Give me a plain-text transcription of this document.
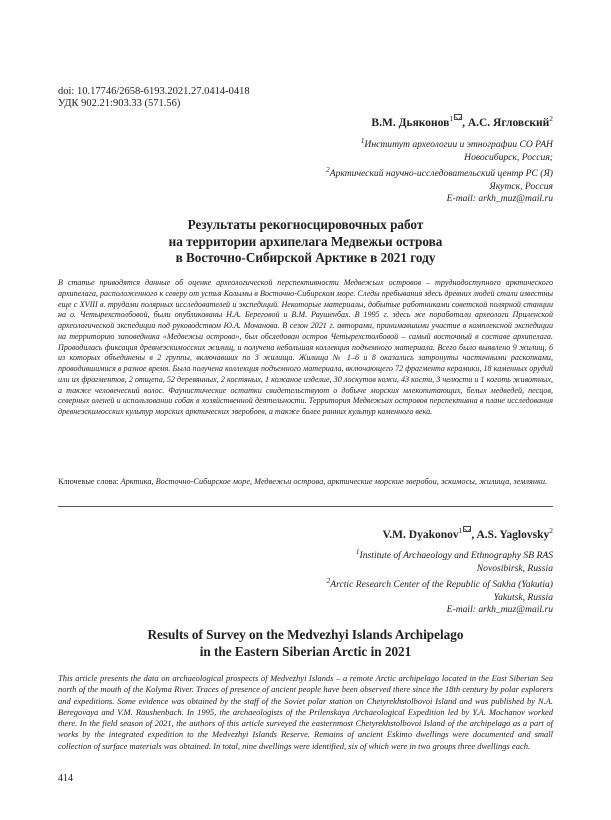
doi: 10.17746/2658-6193.2021.27.0414-0418
УДК 902.21:903.33 (571.56)
В.М. Дьяконов$^1$ , А.С. Ягловский$^2$
$^1$Институт археологии и этнографии СО РАН
Новосибирск, Россия;
$^2$Арктический научно-исследовательский центр РС (Я)
Якутск, Россия
E-mail: arkh_muz@mail.ru
Результаты рекогносцировочных работ
на территории архипелага Медвежьи острова
в Восточно-Сибирской Арктике в 2021 году
В статье приводятся данные об оценке археологической перспективности Медвежьих островов – труднодоступного арктического архипелага, расположенного к северу от устья Колымы в Восточно-Сибирском море. Следы пребывания здесь древних людей стали известны еще с XVIII в. трудами полярных исследователей и экспедиций. Некоторые материалы, добытые работниками советской полярной станции на о. Четырехстолбовой, были опубликованы Н.А. Береговой и В.М. Раушенбах. В 1995 г. здесь же поработали археологи Приленской археологической экспедиции под руководством Ю.А. Мочанова. В сезон 2021 г. авторами, принимавшими участие в комплексной экспедиции на территорию заповедника «Медвежьи острова», был обследован остров Четырехстолбовой – самый восточный в составе архипелага. Проводилась фиксация древнеэскимосских жилищ, и получена небольшая коллекция подъемного материала. Всего было выявлено 9 жилищ, 6 из которых объединены в 2 группы, включавших по 3 жилища. Жилища № 1–6 и 8 оказались затронуты частичными раскопками, проводившимися в разное время. Была получена коллекция подъемного материала, включающего 72 фрагмента керамики, 18 каменных орудий или их фрагментов, 2 отщепа, 52 деревянных, 2 костяных, 1 кожаное изделие, 30 лоскутов кожи, 43 кости, 3 челюсти и 1 коготь животных, а также человеческий волос. Фаунистические остатки свидетельствуют о добыче морских млекопитающих, белых медведей, песцов, северных оленей и использовании собак в хозяйственной деятельности. Территория Медвежьих островов перспективна в плане исследования древнеэскимосских культур морских арктических зверобоев, а также более ранних культур каменного века.
Ключевые слова: Арктика, Восточно-Сибирское море, Медвежьи острова, арктические морские зверобои, эскимосы, жилища, землянки.
V.M. Dyakonov$^1$ , A.S. Yaglovsky$^2$
$^1$Institute of Archaeology and Ethnography SB RAS
Novosibirsk, Russia
$^2$Arctic Research Center of the Republic of Sakha (Yakutia)
Yakutsk, Russia
E-mail: arkh_muz@mail.ru
Results of Survey on the Medvezhyi Islands Archipelago
in the Eastern Siberian Arctic in 2021
This article presents the data on archaeological prospects of Medvezhyi Islands – a remote Arctic archipelago located in the East Siberian Sea north of the mouth of the Kolyma River. Traces of presence of ancient people have been observed there since the 18th century by polar explorers and expeditions. Some evidence was obtained by the staff of the Soviet polar station on Chetyrekhstolbovoi Island and was published by N.A. Beregovaya and V.M. Raushenbach. In 1995, the archaeologists of the Prilenskaya Archaeological Expedition led by Y.A. Mochanov worked there. In the field season of 2021, the authors of this article surveyed the easternmost Chetyrekhstolbovoi Island of the archipelago as a part of works by the integrated expedition to the Medvezhyi Islands Reserve. Remains of ancient Eskimo dwellings were documented and small collection of surface materials was obtained. In total, nine dwellings were identified, six of which were in two groups three dwellings each.
414
